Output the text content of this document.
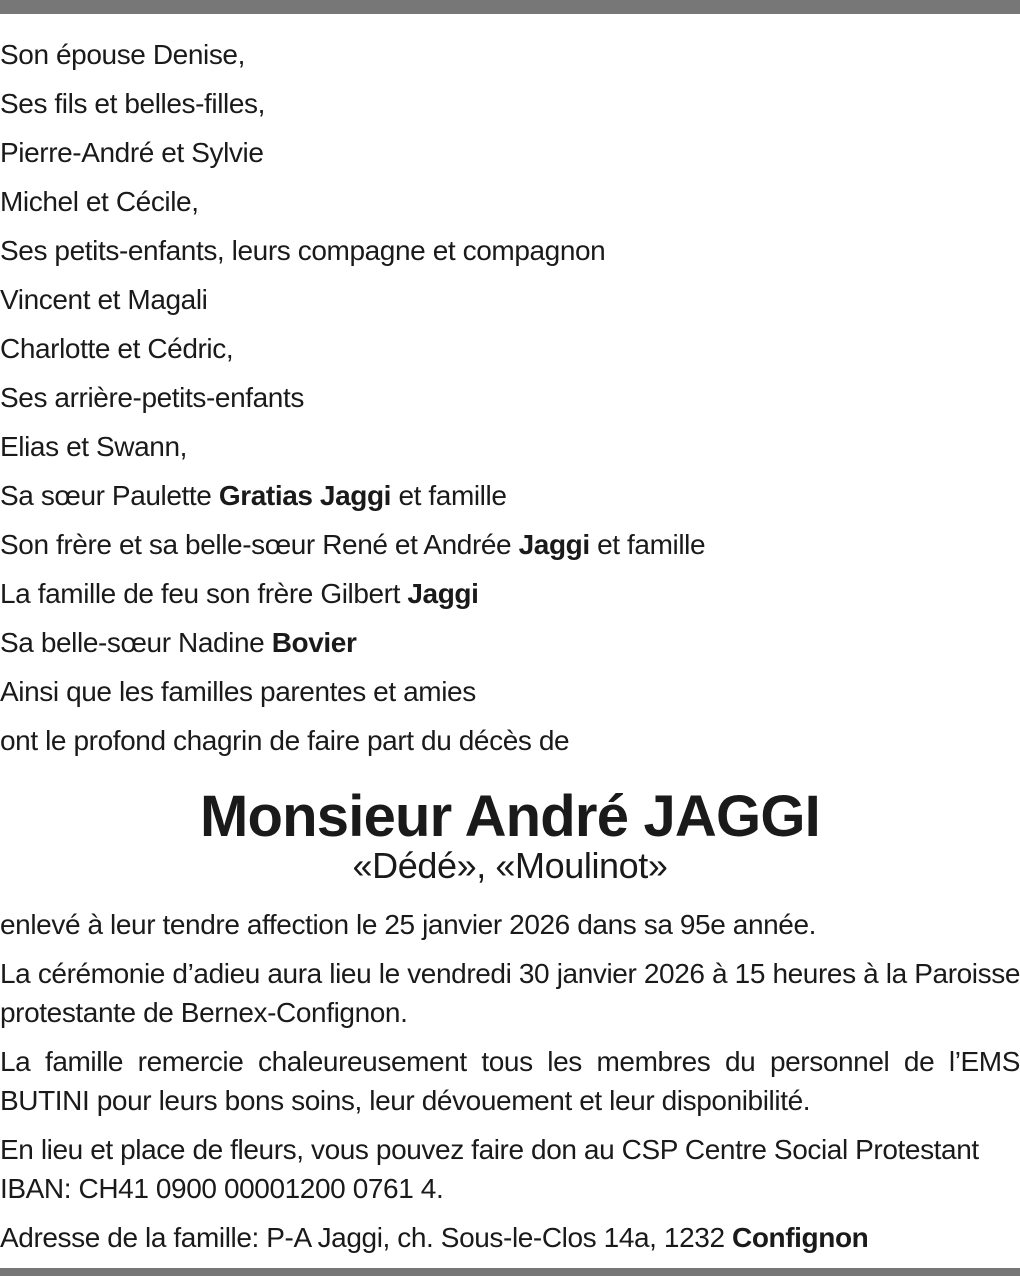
Son épouse Denise,
Ses fils et belles-filles,
Pierre-André et Sylvie
Michel et Cécile,
Ses petits-enfants, leurs compagne et compagnon
Vincent et Magali
Charlotte et Cédric,
Ses arrière-petits-enfants
Elias et Swann,
Sa sœur Paulette Gratias Jaggi et famille
Son frère et sa belle-sœur René et Andrée Jaggi et famille
La famille de feu son frère Gilbert Jaggi
Sa belle-sœur Nadine Bovier
Ainsi que les familles parentes et amies
ont le profond chagrin de faire part du décès de
Monsieur André JAGGI
«Dédé», «Moulinot»
enlevé à leur tendre affection le 25 janvier 2026 dans sa 95e année.
La cérémonie d’adieu aura lieu le vendredi 30 janvier 2026 à 15 heures à la Paroisse protestante de Bernex-Confignon.
La famille remercie chaleureusement tous les membres du personnel de l’EMS BUTINI pour leurs bons soins, leur dévouement et leur disponibilité.
En lieu et place de fleurs, vous pouvez faire don au CSP Centre Social Protestant
IBAN: CH41 0900 00001200 0761 4.
Adresse de la famille: P-A Jaggi, ch. Sous-le-Clos 14a, 1232 Confignon
